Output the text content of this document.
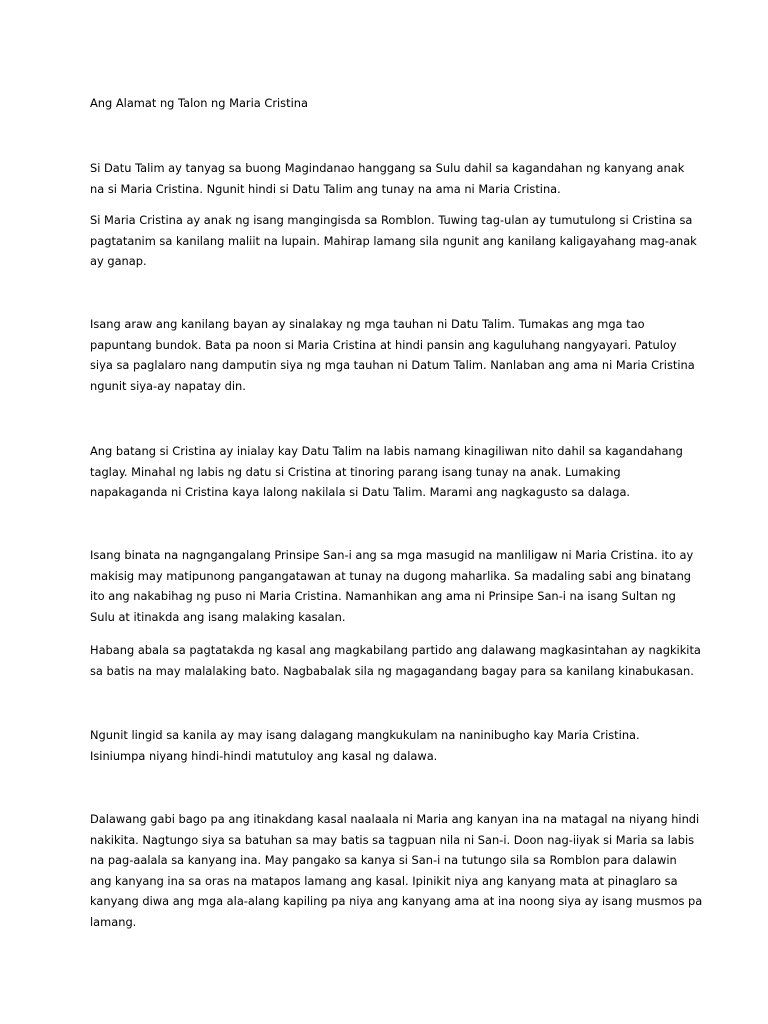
Ang Alamat ng Talon ng Maria Cristina

Si Datu Talim ay tanyag sa buong Magindanao hanggang sa Sulu dahil sa kagandahan ng kanyang anak
na si Maria Cristina. Ngunit hindi si Datu Talim ang tunay na ama ni Maria Cristina.

Si Maria Cristina ay anak ng isang mangingisda sa Romblon. Tuwing tag-ulan ay tumutulong si Cristina sa
pagtatanim sa kanilang maliit na lupain. Mahirap lamang sila ngunit ang kanilang kaligayahang mag-anak
ay ganap.

Isang araw ang kanilang bayan ay sinalakay ng mga tauhan ni Datu Talim. Tumakas ang mga tao
papuntang bundok. Bata pa noon si Maria Cristina at hindi pansin ang kaguluhang nangyayari. Patuloy
siya sa paglalaro nang damputin siya ng mga tauhan ni Datum Talim. Nanlaban ang ama ni Maria Cristina
ngunit siya-ay napatay din.

Ang batang si Cristina ay inialay kay Datu Talim na labis namang kinagiliwan nito dahil sa kagandahang
taglay. Minahal ng labis ng datu si Cristina at tinoring parang isang tunay na anak. Lumaking
napakaganda ni Cristina kaya lalong nakilala si Datu Talim. Marami ang nagkagusto sa dalaga.

Isang binata na nagngangalang Prinsipe San-i ang sa mga masugid na manliligaw ni Maria Cristina. ito ay
makisig may matipunong pangangatawan at tunay na dugong maharlika. Sa madaling sabi ang binatang
ito ang nakabihag ng puso ni Maria Cristina. Namanhikan ang ama ni Prinsipe San-i na isang Sultan ng
Sulu at itinakda ang isang malaking kasalan.

Habang abala sa pagtatakda ng kasal ang magkabilang partido ang dalawang magkasintahan ay nagkikita
sa batis na may malalaking bato. Nagbabalak sila ng magagandang bagay para sa kanilang kinabukasan.

Ngunit lingid sa kanila ay may isang dalagang mangkukulam na naninibugho kay Maria Cristina.
Isiniumpa niyang hindi-hindi matutuloy ang kasal ng dalawa.

Dalawang gabi bago pa ang itinakdang kasal naalaala ni Maria ang kanyan ina na matagal na niyang hindi
nakikita. Nagtungo siya sa batuhan sa may batis sa tagpuan nila ni San-i. Doon nag-iiyak si Maria sa labis
na pag-aalala sa kanyang ina. May pangako sa kanya si San-i na tutungo sila sa Romblon para dalawin
ang kanyang ina sa oras na matapos lamang ang kasal. Ipinikit niya ang kanyang mata at pinaglaro sa
kanyang diwa ang mga ala-alang kapiling pa niya ang kanyang ama at ina noong siya ay isang musmos pa
lamang.
